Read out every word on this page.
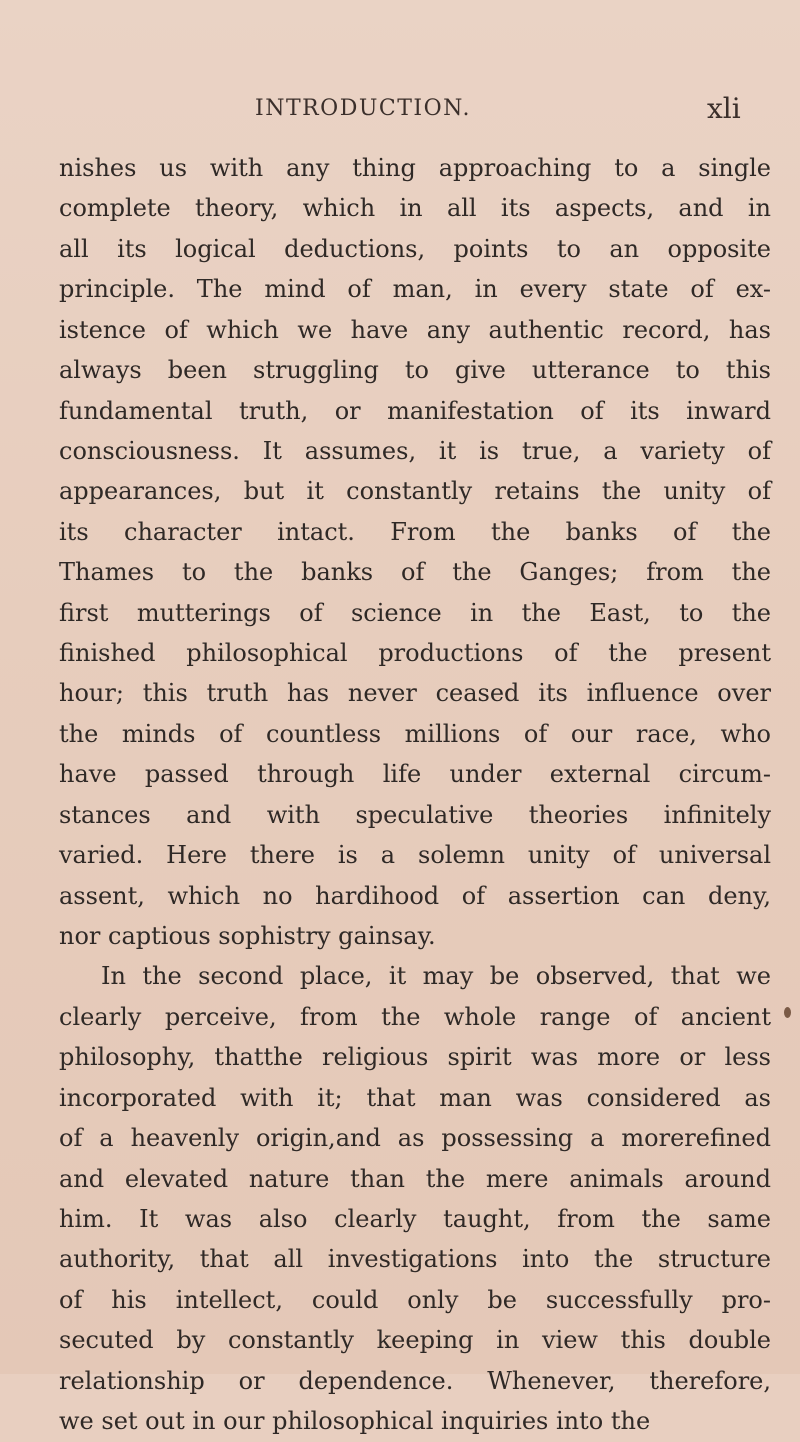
INTRODUCTION.	xli
nishes us with any thing approaching to a single
complete theory, which in all its aspects, and in
all its logical deductions, points to an opposite
principle. The mind of man, in every state of ex-
istence of which we have any authentic record, has
always been struggling to give utterance to this
fundamental truth, or manifestation of its inward
consciousness. It assumes, it is true, a variety of
appearances, but it constantly retains the unity of
its character intact. From the banks of the
Thames to the banks of the Ganges; from the
first mutterings of science in the East, to the
finished philosophical productions of the present
hour; this truth has never ceased its influence over
the minds of countless millions of our race, who
have passed through life under external circum-
stances and with speculative theories infinitely
varied. Here there is a solemn unity of universal
assent, which no hardihood of assertion can deny,
nor captious sophistry gainsay.
In the second place, it may be observed, that we
clearly perceive, from the whole range of ancient
philosophy, thatthe religious spirit was more or less
incorporated with it; that man was considered as
of a heavenly origin,and as possessing a morerefined
and elevated nature than the mere animals around
him. It was also clearly taught, from the same
authority, that all investigations into the structure
of his intellect, could only be successfully pro-
secuted by constantly keeping in view this double
relationship or dependence. Whenever, therefore,
we set out in our philosophical inquiries into the
